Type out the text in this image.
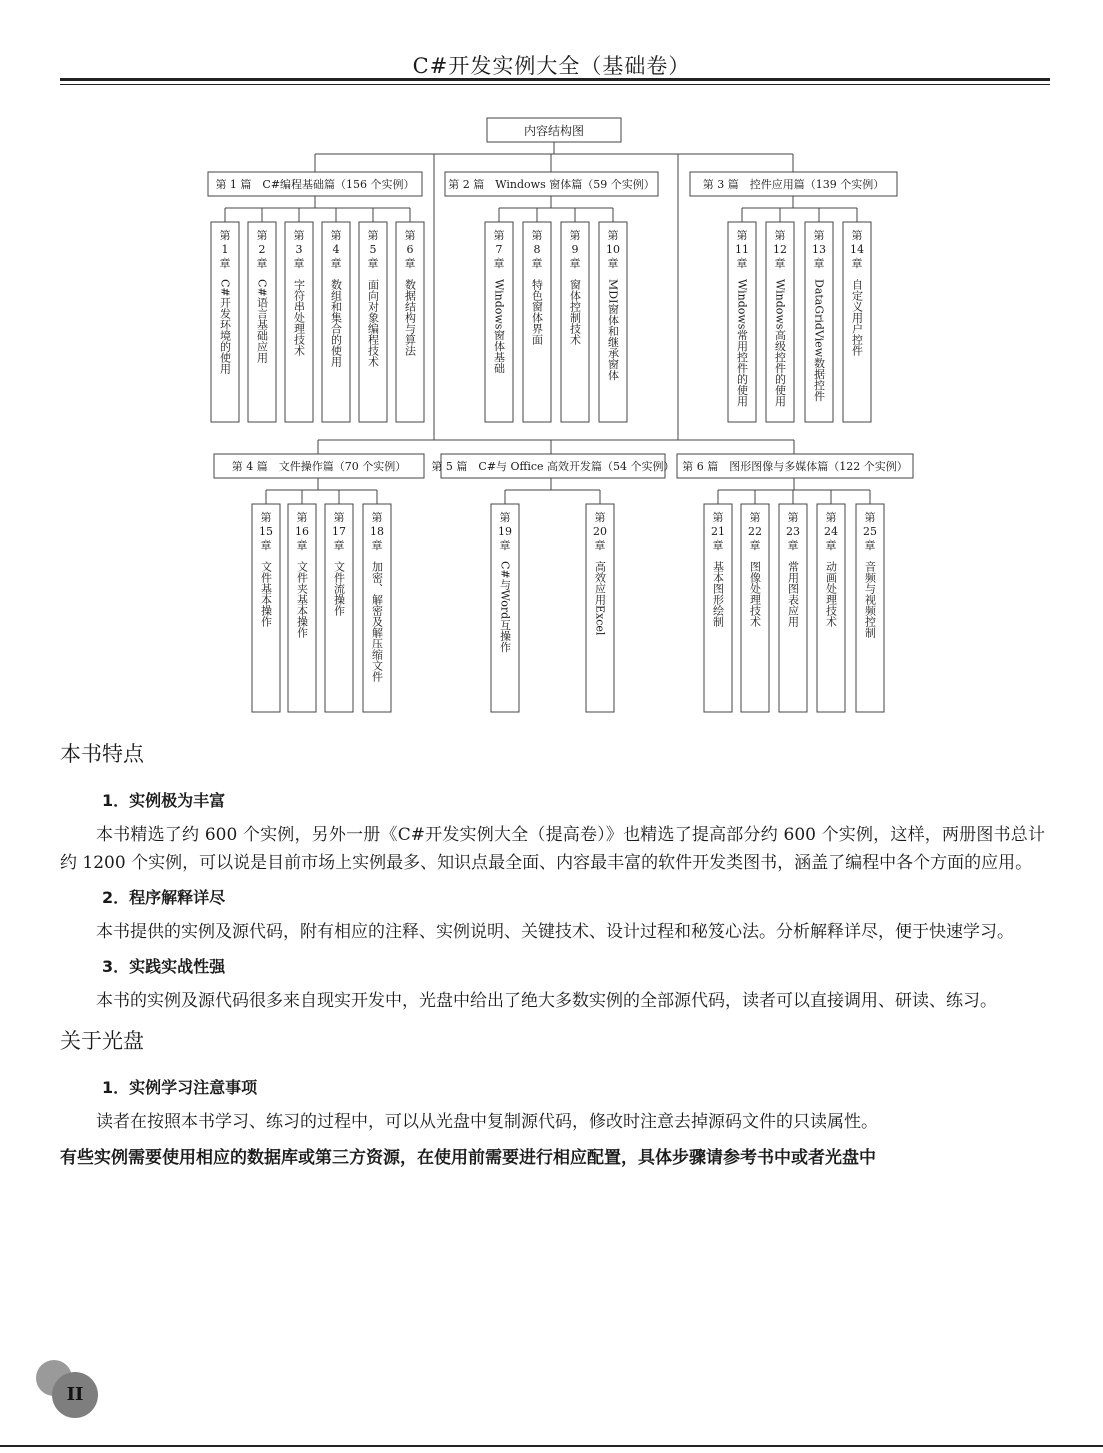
C#开发实例大全（基础卷）
内容结构图
第 1 篇　C#编程基础篇（156 个实例）
第
1
章
C#开发环境的使用
第
2
章
C#语言基础应用
第
3
章
字符串处理技术
第
4
章
数组和集合的使用
第
5
章
面向对象编程技术
第
6
章
数据结构与算法
第 2 篇　Windows 窗体篇（59 个实例）
第
7
章
Windows窗体基础
第
8
章
特色窗体界面
第
9
章
窗体控制技术
第
10
章
MDI窗体和继承窗体
第 3 篇　控件应用篇（139 个实例）
第
11
章
Windows常用控件的使用
第
12
章
Windows高级控件的使用
第
13
章
DataGridView数据控件
第
14
章
自定义用户控件
第 4 篇　文件操作篇（70 个实例）
第
15
章
文件基本操作
第
16
章
文件夹基本操作
第
17
章
文件流操作
第
18
章
加密、解密及解压缩文件
第 5 篇　C#与 Office 高效开发篇（54 个实例）
第
19
章
C#与Word互操作
第
20
章
高效应用Excel
第 6 篇　图形图像与多媒体篇（122 个实例）
第
21
章
基本图形绘制
第
22
章
图像处理技术
第
23
章
常用图表应用
第
24
章
动画处理技术
第
25
章
音频与视频控制
本书特点
1．实例极为丰富

本书精选了约 600 个实例，另外一册《C#开发实例大全（提高卷）》也精选了提高部分约 600 个实例，这样，两册图书总计约 1200 个实例，可以说是目前市场上实例最多、知识点最全面、内容最丰富的软件开发类图书，涵盖了编程中各个方面的应用。

2．程序解释详尽

本书提供的实例及源代码，附有相应的注释、实例说明、关键技术、设计过程和秘笈心法。分析解释详尽，便于快速学习。

3．实践实战性强

本书的实例及源代码很多来自现实开发中，光盘中给出了绝大多数实例的全部源代码，读者可以直接调用、研读、练习。

关于光盘
1．实例学习注意事项

读者在按照本书学习、练习的过程中，可以从光盘中复制源代码，修改时注意去掉源码文件的只读属性。

有些实例需要使用相应的数据库或第三方资源，在使用前需要进行相应配置，具体步骤请参考书中或者光盘中

II
